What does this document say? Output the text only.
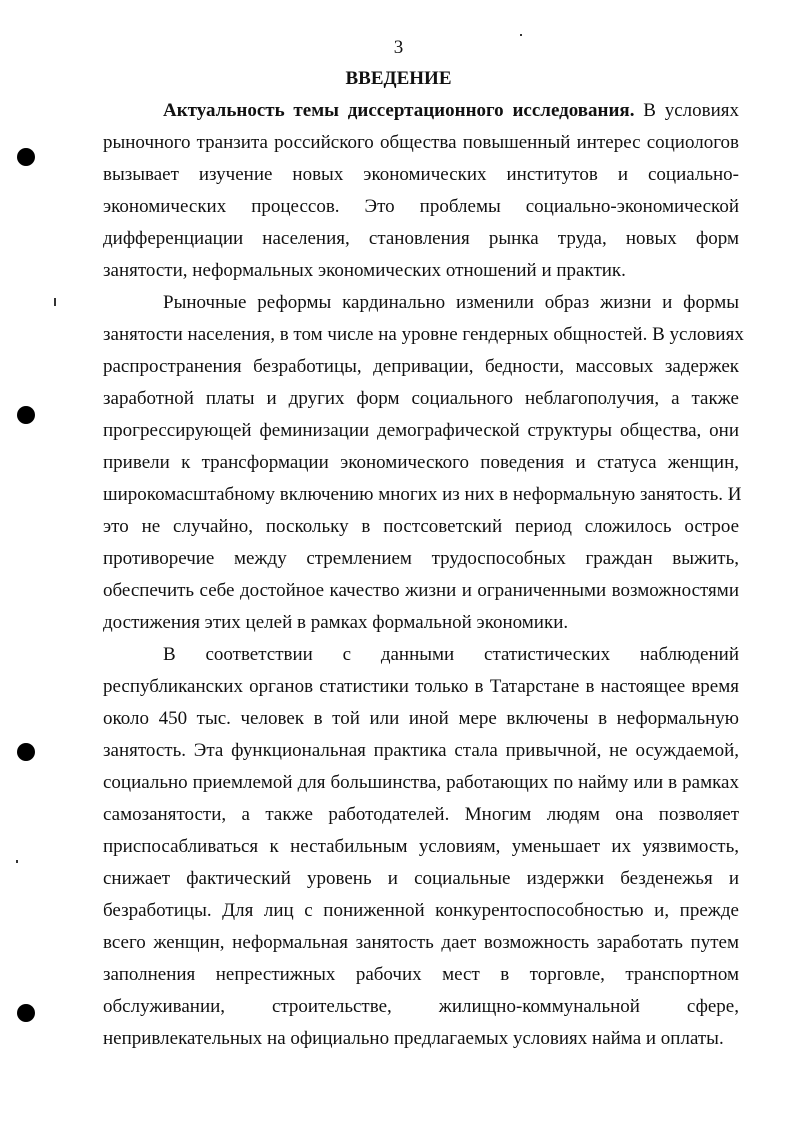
3
ВВЕДЕНИЕ
Актуальность темы диссертационного исследования. В условиях
рыночного транзита российского общества повышенный интерес социологов
вызывает изучение новых экономических институтов и социально-
экономических процессов. Это проблемы социально-экономической
дифференциации населения, становления рынка труда, новых форм
занятости, неформальных экономических отношений и практик.
Рыночные реформы кардинально изменили образ жизни и формы
занятости населения, в том числе на уровне гендерных общностей. В условиях
распространения безработицы, депривации, бедности, массовых задержек
заработной платы и других форм социального неблагополучия, а также
прогрессирующей феминизации демографической структуры общества, они
привели к трансформации экономического поведения и статуса женщин,
широкомасштабному включению многих из них в неформальную занятость. И
это не случайно, поскольку в постсоветский период сложилось острое
противоречие между стремлением трудоспособных граждан выжить,
обеспечить себе достойное качество жизни и ограниченными возможностями
достижения этих целей в рамках формальной экономики.
В соответствии с данными статистических наблюдений
республиканских органов статистики только в Татарстане в настоящее время
около 450 тыс. человек в той или иной мере включены в неформальную
занятость. Эта функциональная практика стала привычной, не осуждаемой,
социально приемлемой для большинства, работающих по найму или в рамках
самозанятости, а также работодателей. Многим людям она позволяет
приспосабливаться к нестабильным условиям, уменьшает их уязвимость,
снижает фактический уровень и социальные издержки безденежья и
безработицы. Для лиц с пониженной конкурентоспособностью и, прежде
всего женщин, неформальная занятость дает возможность заработать путем
заполнения непрестижных рабочих мест в торговле, транспортном
обслуживании, строительстве, жилищно-коммунальной сфере,
непривлекательных на официально предлагаемых условиях найма и оплаты.
